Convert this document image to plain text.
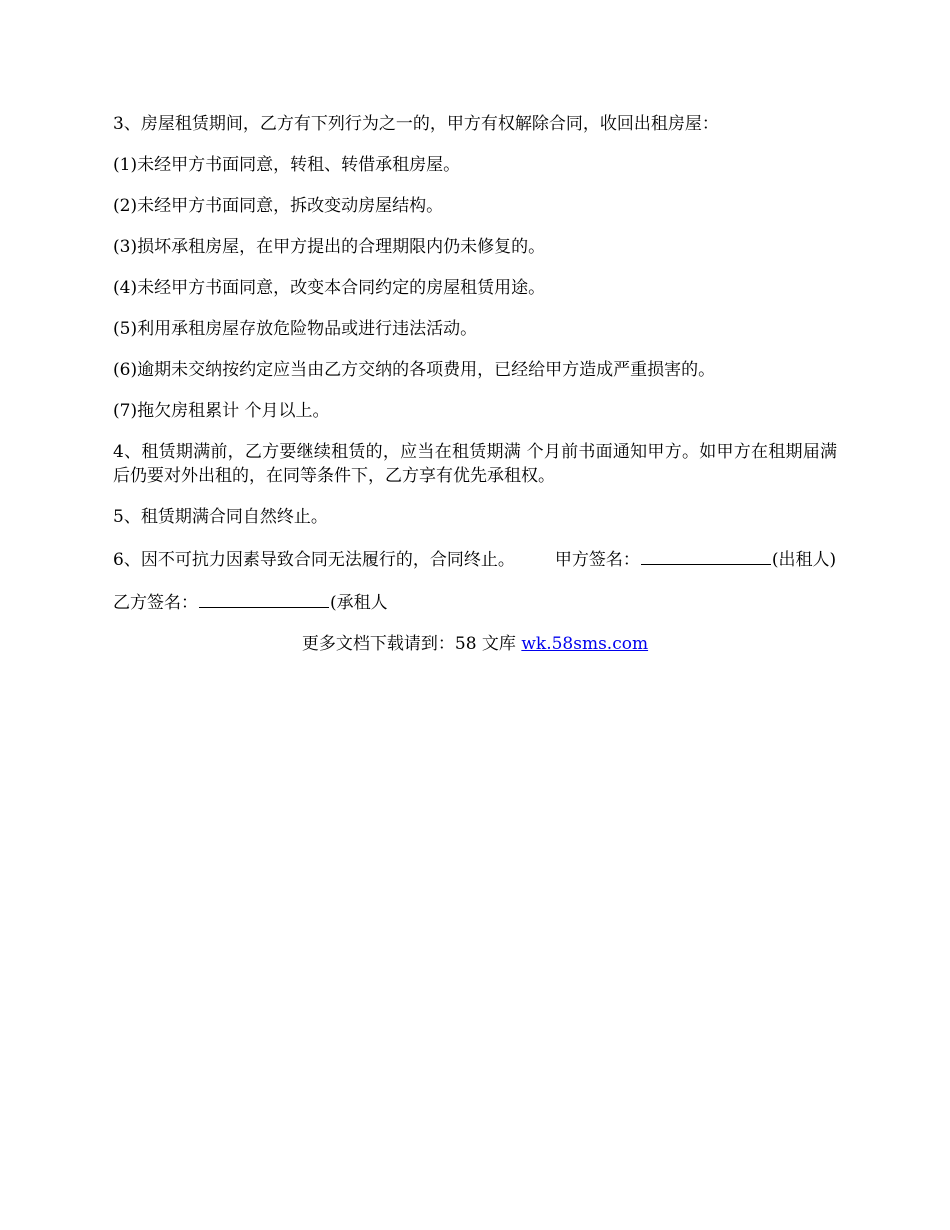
3、房屋租赁期间，乙方有下列行为之一的，甲方有权解除合同，收回出租房屋：

(1)未经甲方书面同意，转租、转借承租房屋。

(2)未经甲方书面同意，拆改变动房屋结构。

(3)损坏承租房屋，在甲方提出的合理期限内仍未修复的。

(4)未经甲方书面同意，改变本合同约定的房屋租赁用途。

(5)利用承租房屋存放危险物品或进行违法活动。

(6)逾期未交纳按约定应当由乙方交纳的各项费用，已经给甲方造成严重损害的。

(7)拖欠房租累计 个月以上。

4、租赁期满前，乙方要继续租赁的，应当在租赁期满 个月前书面通知甲方。如甲方在租期届满后仍要对外出租的，在同等条件下，乙方享有优先承租权。

5、租赁期满合同自然终止。

6、因不可抗力因素导致合同无法履行的，合同终止。 甲方签名：	(出租人)

乙方签名：	(承租人

更多文档下载请到：58 文库 wk.58sms.com
